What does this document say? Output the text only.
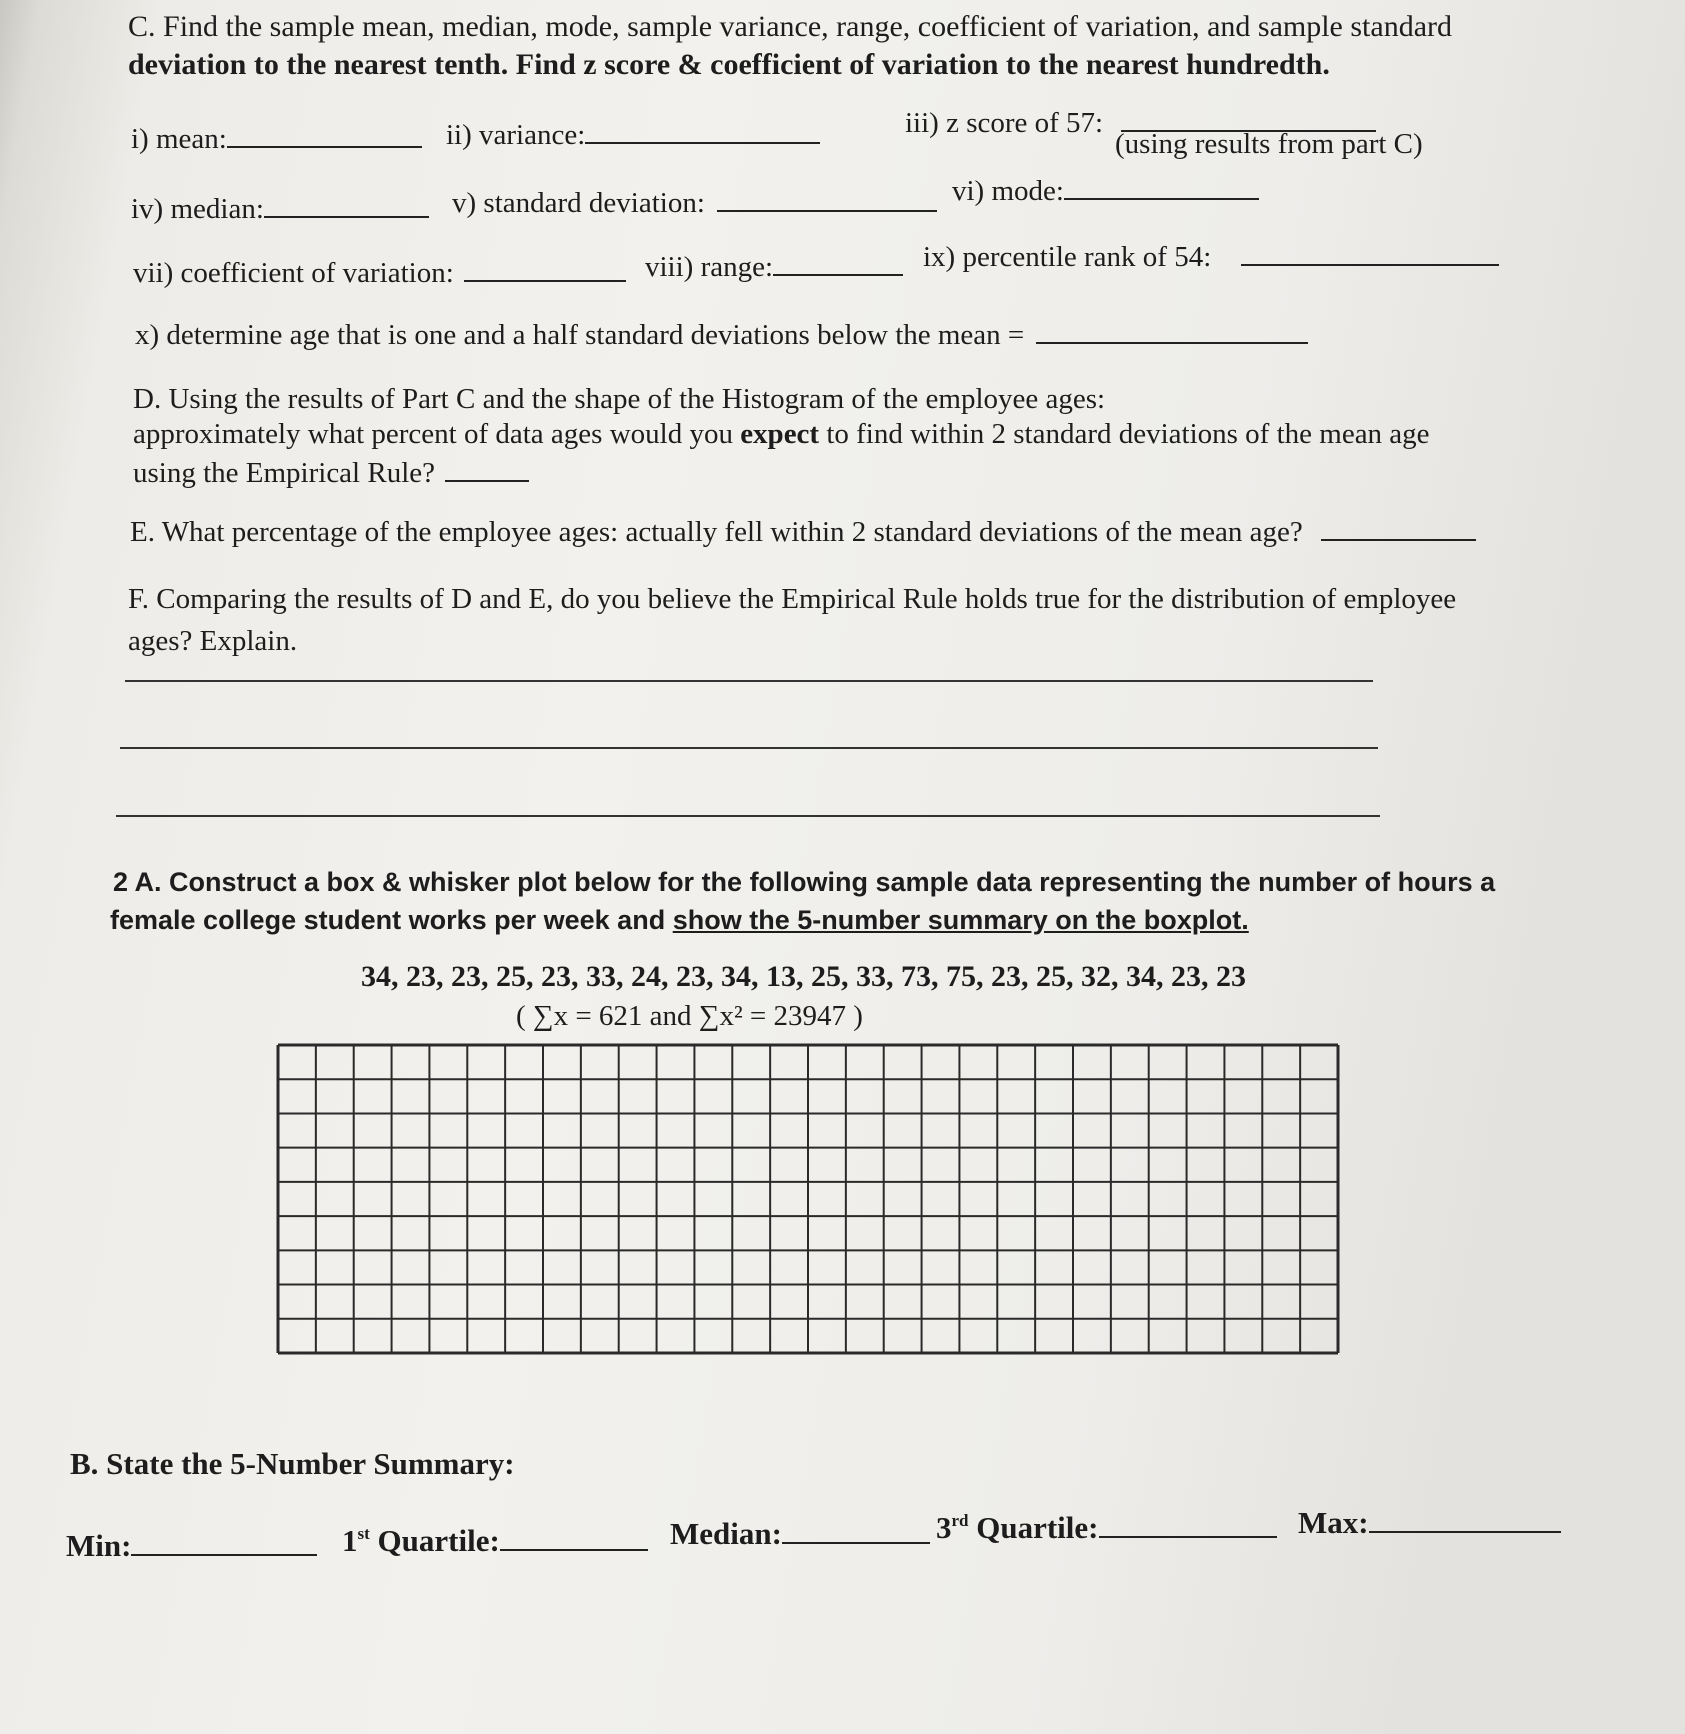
C. Find the sample mean, median, mode, sample variance, range, coefficient of variation, and sample standard
deviation to the nearest tenth. Find z score & coefficient of variation to the nearest hundredth.
i) mean:	ii) variance:	iii) z score of 57:
(using results from part C)
iv) median:	v) standard deviation:	vi) mode:
vii) coefficient of variation:	viii) range:	ix) percentile rank of 54:
x) determine age that is one and a half standard deviations below the mean =
D. Using the results of Part C and the shape of the Histogram of the employee ages:
approximately what percent of data ages would you expect to find within 2 standard deviations of the mean age
using the Empirical Rule?
E. What percentage of the employee ages: actually fell within 2 standard deviations of the mean age?
F. Comparing the results of D and E, do you believe the Empirical Rule holds true for the distribution of employee
ages? Explain.
2 A. Construct a box & whisker plot below for the following sample data representing the number of hours a
female college student works per week and show the 5-number summary on the boxplot.
34, 23, 23, 25, 23, 33, 24, 23, 34, 13, 25, 33, 73, 75, 23, 25, 32, 34, 23, 23
( ∑x = 621 and ∑x² = 23947 )
B. State the 5-Number Summary:
Min:	1st Quartile:	Median:	3rd Quartile:	Max:
